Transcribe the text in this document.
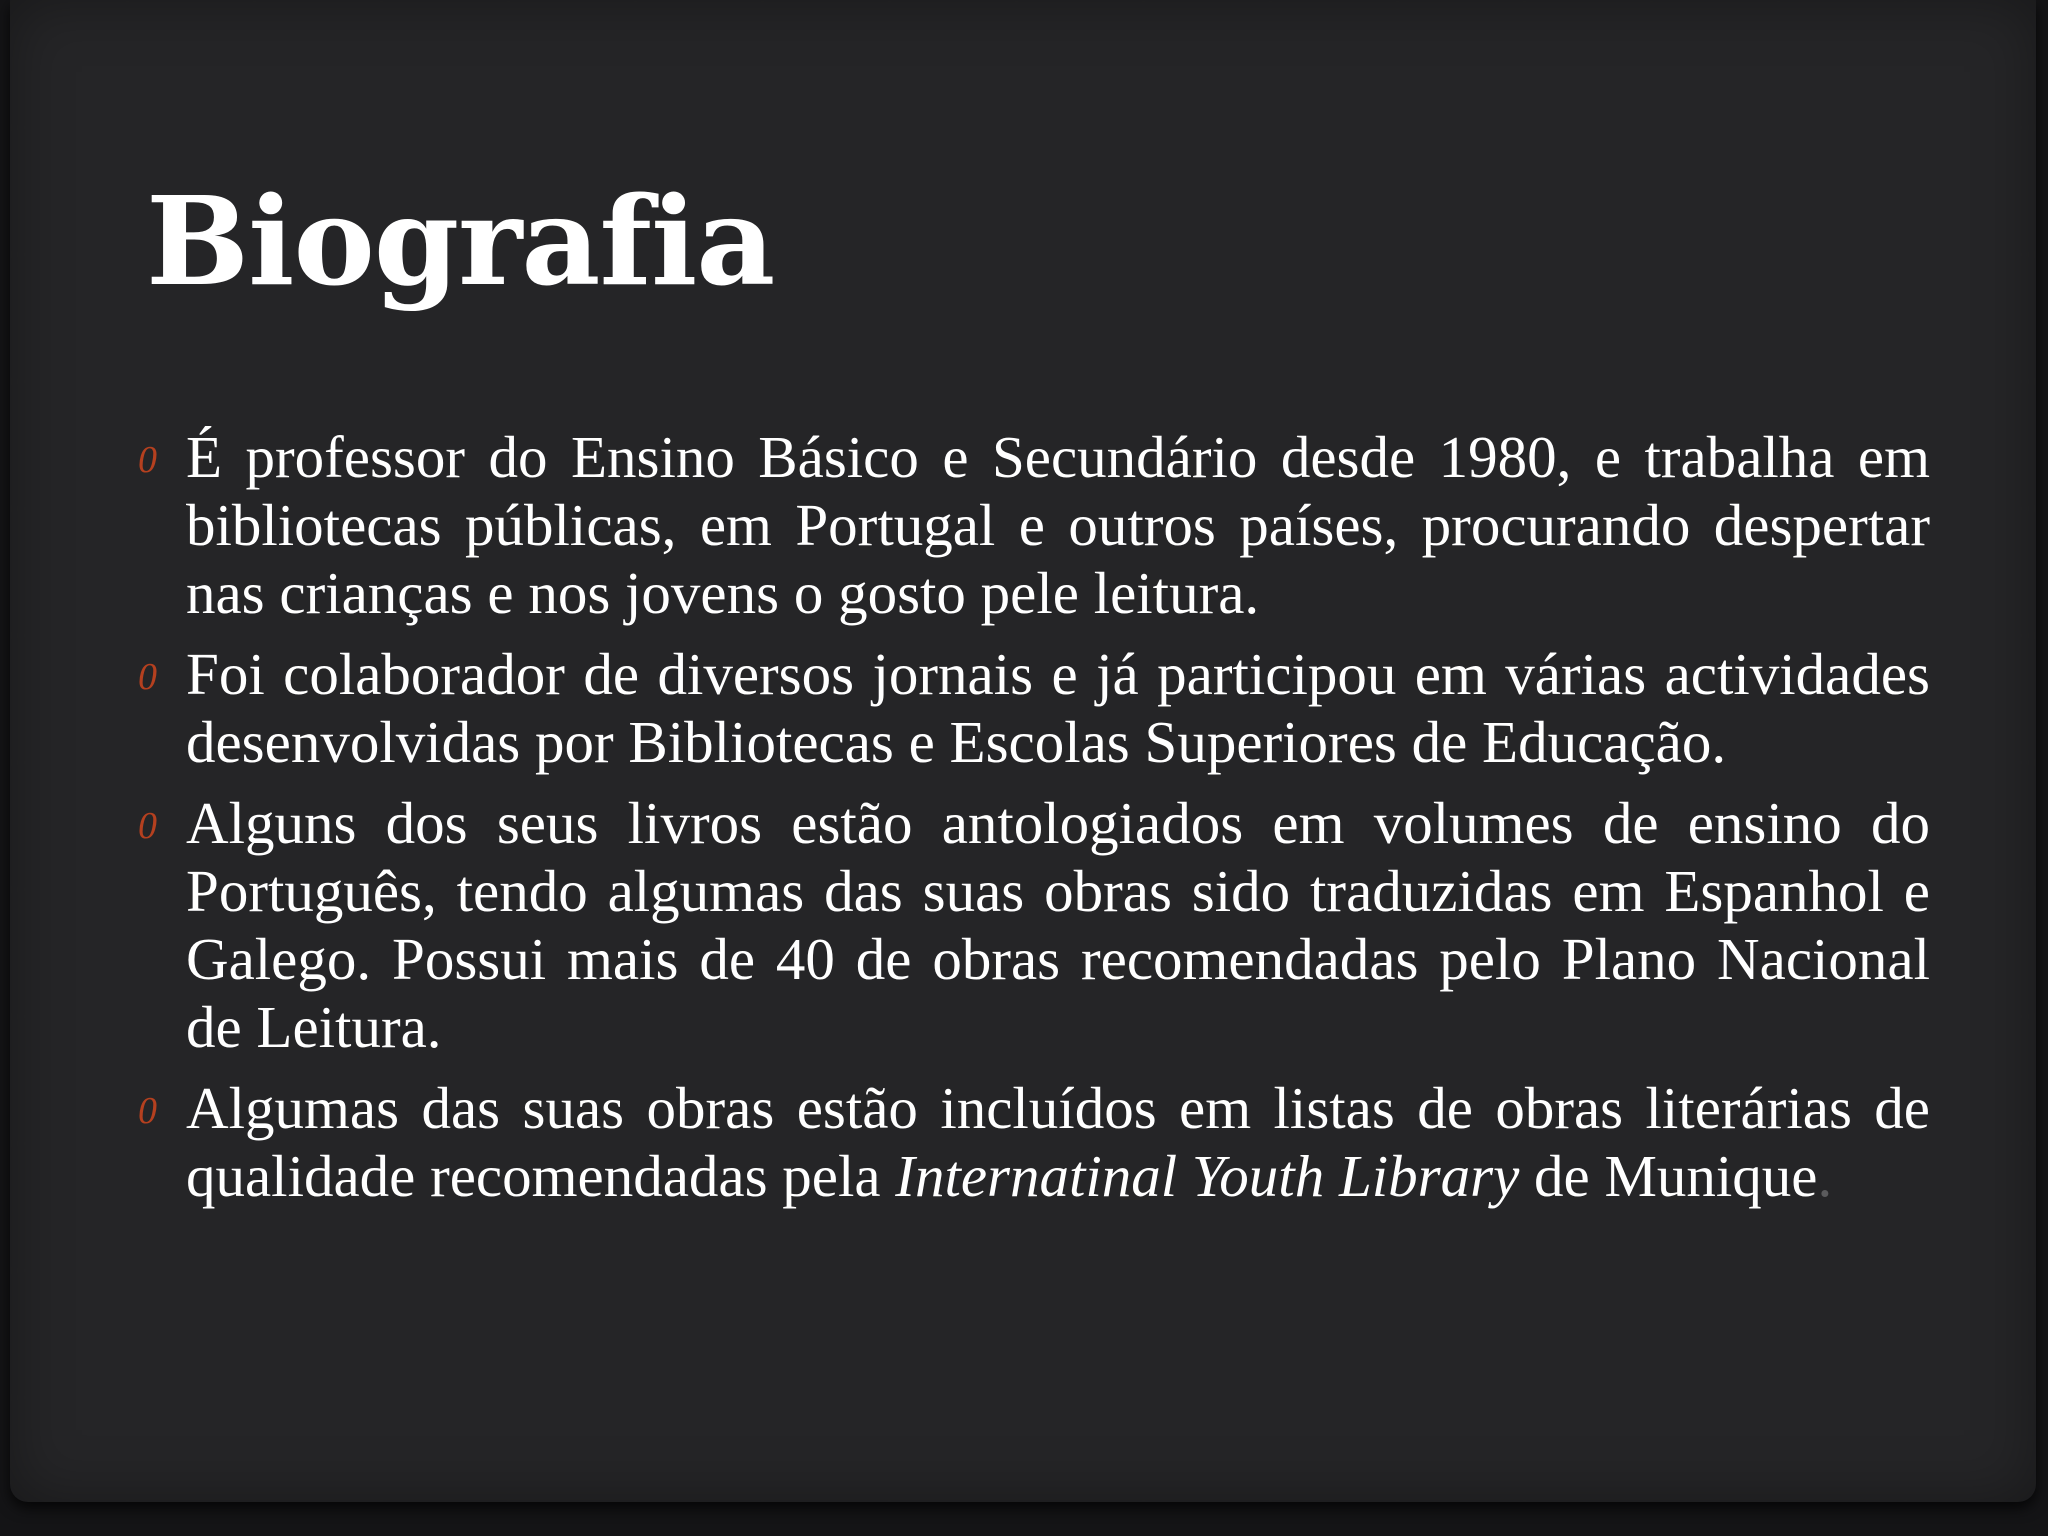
Biografia
0 É professor do Ensino Básico e Secundário desde 1980, e trabalha em bibliotecas públicas, em Portugal e outros países, procurando despertar nas crianças e nos jovens o gosto pele leitura.
0 Foi colaborador de diversos jornais e já participou em várias actividades desenvolvidas por Bibliotecas e Escolas Superiores de Educação.
0 Alguns dos seus livros estão antologiados em volumes de ensino do Português, tendo algumas das suas obras sido traduzidas em Espanhol e Galego. Possui mais de 40 de obras recomendadas pelo Plano Nacional de Leitura.
0 Algumas das suas obras estão incluídos em listas de obras literárias de qualidade recomendadas pela Internatinal Youth Library de Munique.
